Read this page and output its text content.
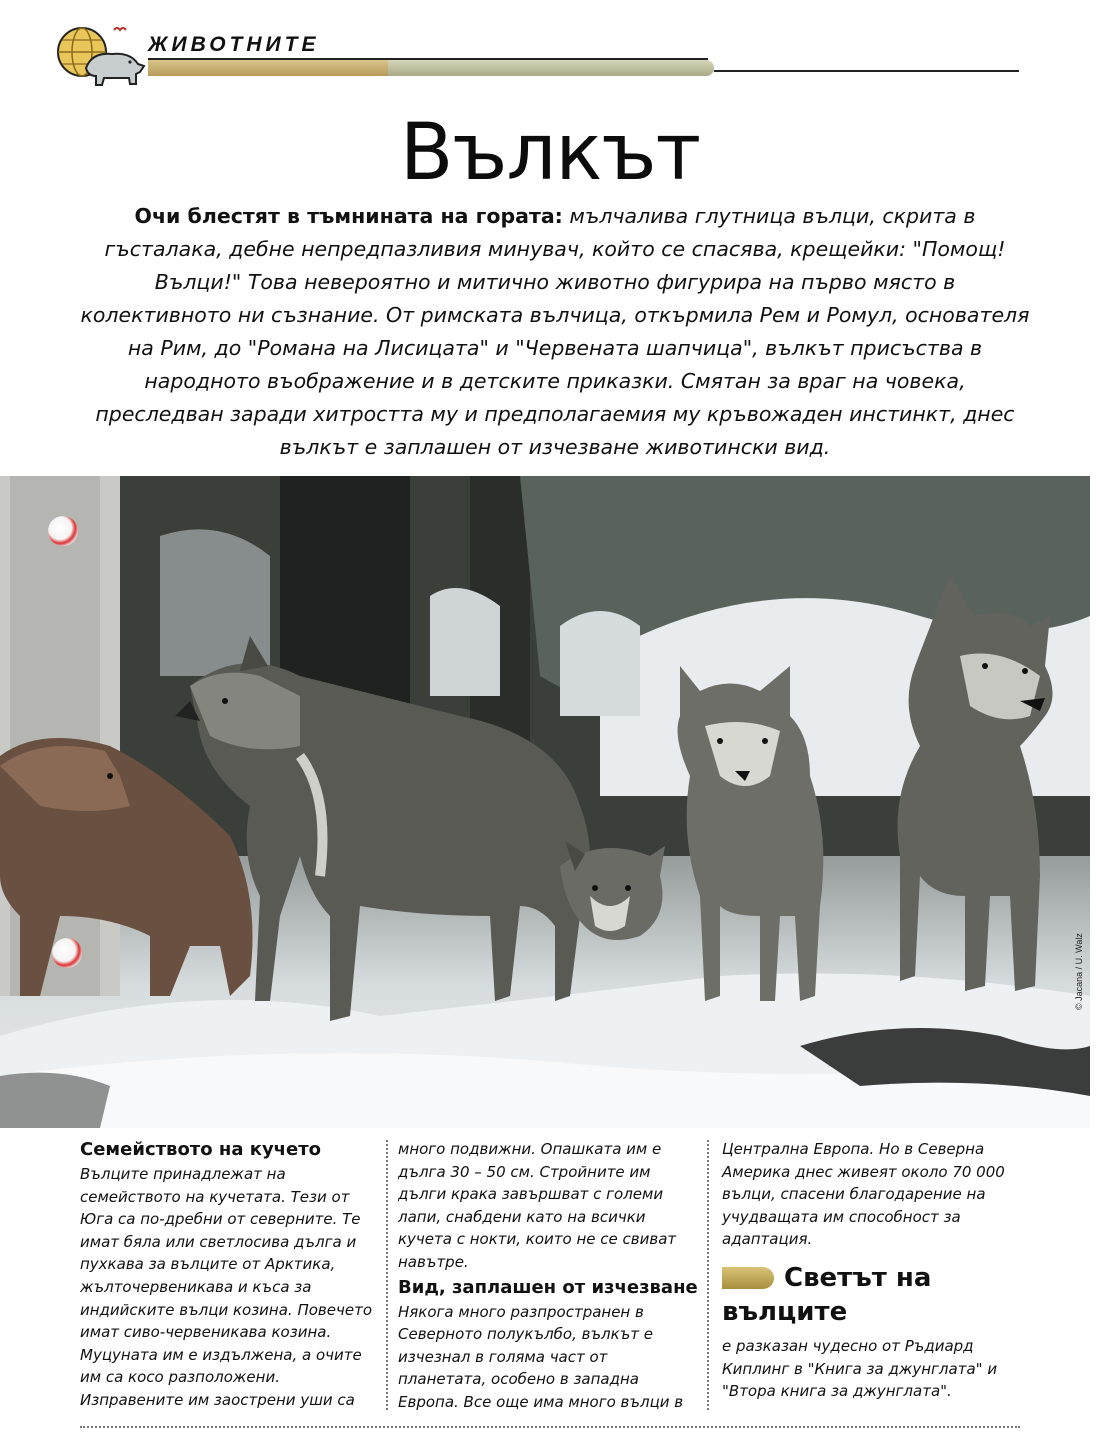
ЖИВОТНИТЕ
Вълкът

Очи блестят в тъмнината на гората: мълчалива глутница вълци, скрита в гъсталака, дебне непредпазливия минувач, който се спасява, крещейки: "Помощ! Вълци!" Това невероятно и митично животно фигурира на първо място в колективното ни съзнание. От римската вълчица, откърмила Рем и Ромул, основателя на Рим, до "Романа на Лисицата" и "Червената шапчица", вълкът присъства в народното въображение и в детските приказки. Смятан за враг на човека, преследван заради хитростта му и предполагаемия му кръвожаден инстинкт, днес вълкът е заплашен от изчезване животински вид.

© Jacana / U. Walz
Семейството на кучето

Вълците принадлежат на семейството на кучетата. Тези от Юга са по-дребни от северните. Те имат бяла или светлосива дълга и пухкава за вълците от Арктика, жълточервеникава и къса за индийските вълци козина. Повечето имат сиво-червеникава козина. Муцуната им е издължена, а очите им са косо разположени. Изправените им заострени уши са

много подвижни. Опашката им е дълга 30 – 50 см. Стройните им дълги крака завършват с големи лапи, снабдени като на всички кучета с нокти, които не се свиват навътре.

Вид, заплашен от изчезване

Някога много разпространен в Северното полукълбо, вълкът е изчезнал в голяма част от планетата, особено в западна Европа. Все още има много вълци в

Централна Европа. Но в Северна Америка днес живеят около 70 000 вълци, спасени благодарение на учудващата им способност за адаптация.

Светът на
вълците

е разказан чудесно от Ръдиард Киплинг в "Книга за джунглата" и "Втора книга за джунглата".
